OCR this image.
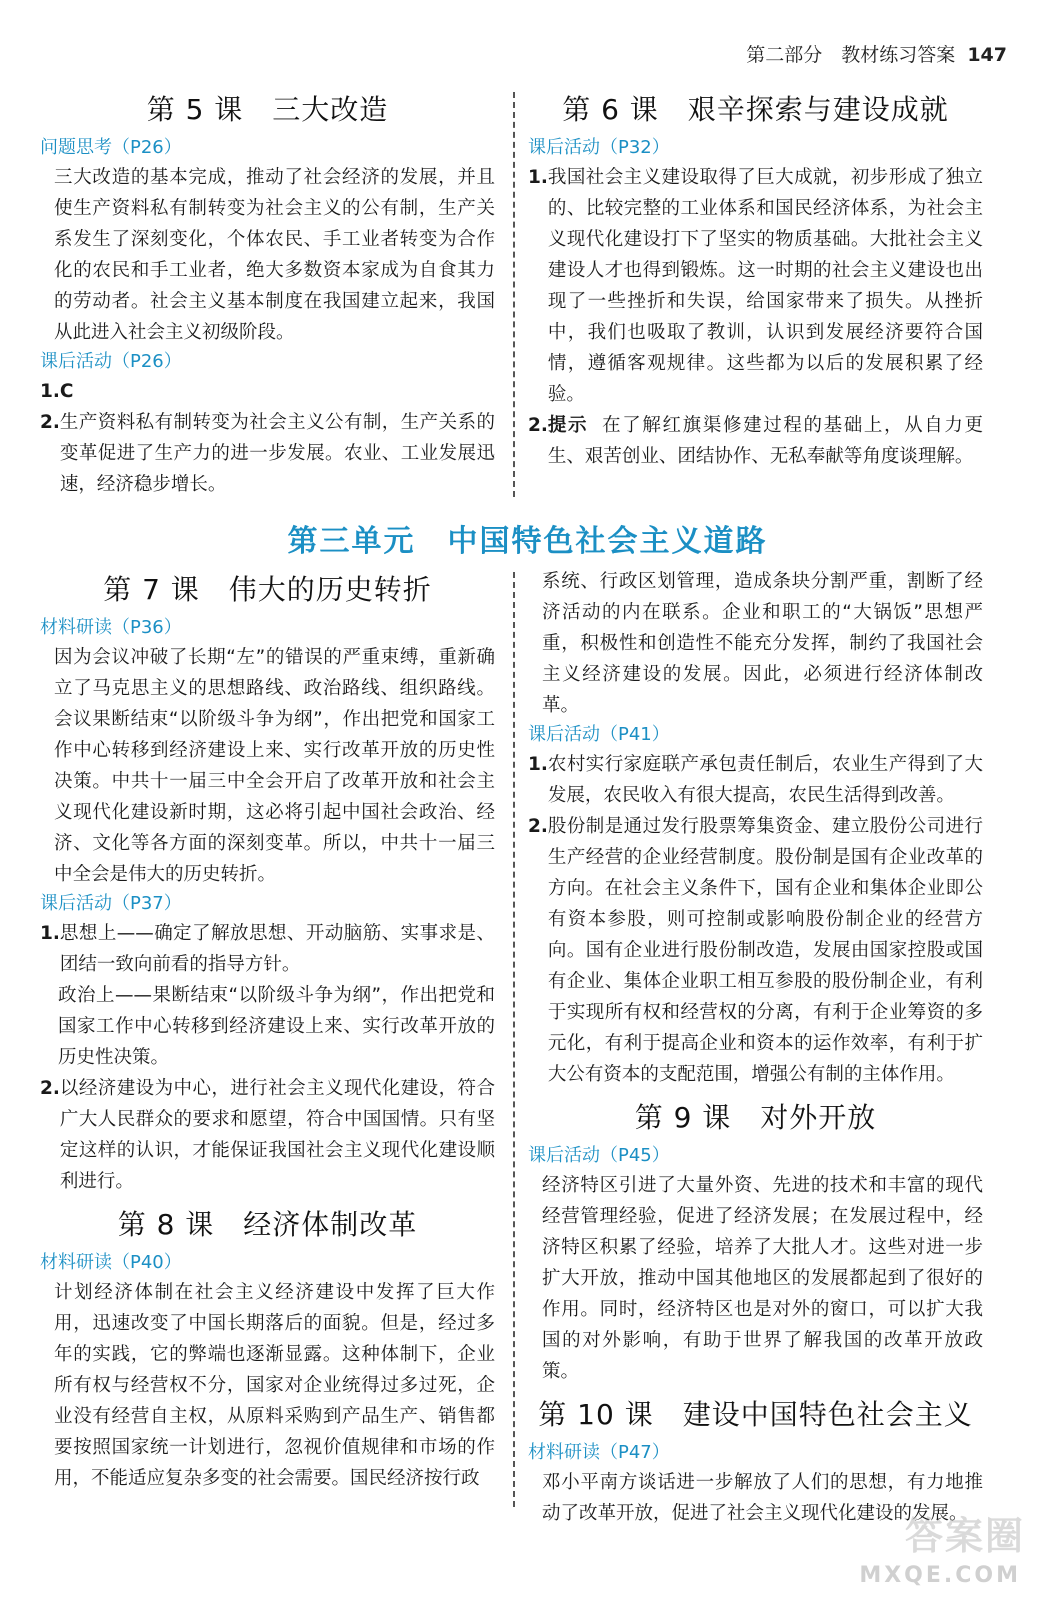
第二部分　教材练习答案 147
第 5 课　三大改造
问题思考（P26）

三大改造的基本完成，推动了社会经济的发展，并且使生产资料私有制转变为社会主义的公有制，生产关系发生了深刻变化，个体农民、手工业者转变为合作化的农民和手工业者，绝大多数资本家成为自食其力的劳动者。社会主义基本制度在我国建立起来，我国从此进入社会主义初级阶段。

课后活动（P26）
1. C
2. 生产资料私有制转变为社会主义公有制，生产关系的变革促进了生产力的进一步发展。农业、工业发展迅速，经济稳步增长。
第 6 课　艰辛探索与建设成就
课后活动（P32）
1. 我国社会主义建设取得了巨大成就，初步形成了独立的、比较完整的工业体系和国民经济体系，为社会主义现代化建设打下了坚实的物质基础。大批社会主义建设人才也得到锻炼。这一时期的社会主义建设也出现了一些挫折和失误，给国家带来了损失。从挫折中，我们也吸取了教训，认识到发展经济要符合国情，遵循客观规律。这些都为以后的发展积累了经验。
2. 提示 在了解红旗渠修建过程的基础上，从自力更生、艰苦创业、团结协作、无私奉献等角度谈理解。
第三单元　中国特色社会主义道路
第 7 课　伟大的历史转折
材料研读（P36）

因为会议冲破了长期“左”的错误的严重束缚，重新确立了马克思主义的思想路线、政治路线、组织路线。会议果断结束“以阶级斗争为纲”，作出把党和国家工作中心转移到经济建设上来、实行改革开放的历史性决策。中共十一届三中全会开启了改革开放和社会主义现代化建设新时期，这必将引起中国社会政治、经济、文化等各方面的深刻变革。所以，中共十一届三中全会是伟大的历史转折。

课后活动（P37）
1. 思想上——确定了解放思想、开动脑筋、实事求是、团结一致向前看的指导方针。
政治上——果断结束“以阶级斗争为纲”，作出把党和国家工作中心转移到经济建设上来、实行改革开放的历史性决策。
2. 以经济建设为中心，进行社会主义现代化建设，符合广大人民群众的要求和愿望，符合中国国情。只有坚定这样的认识，才能保证我国社会主义现代化建设顺利进行。
第 8 课　经济体制改革
材料研读（P40）

计划经济体制在社会主义经济建设中发挥了巨大作用，迅速改变了中国长期落后的面貌。但是，经过多年的实践，它的弊端也逐渐显露。这种体制下，企业所有权与经营权不分，国家对企业统得过多过死，企业没有经营自主权，从原料采购到产品生产、销售都要按照国家统一计划进行，忽视价值规律和市场的作用，不能适应复杂多变的社会需要。国民经济按行政

系统、行政区划管理，造成条块分割严重，割断了经济活动的内在联系。企业和职工的“大锅饭”思想严重，积极性和创造性不能充分发挥，制约了我国社会主义经济建设的发展。因此，必须进行经济体制改革。

课后活动（P41）
1. 农村实行家庭联产承包责任制后，农业生产得到了大发展，农民收入有很大提高，农民生活得到改善。
2. 股份制是通过发行股票筹集资金、建立股份公司进行生产经营的企业经营制度。股份制是国有企业改革的方向。在社会主义条件下，国有企业和集体企业即公有资本参股，则可控制或影响股份制企业的经营方向。国有企业进行股份制改造，发展由国家控股或国有企业、集体企业职工相互参股的股份制企业，有利于实现所有权和经营权的分离，有利于企业筹资的多元化，有利于提高企业和资本的运作效率，有利于扩大公有资本的支配范围，增强公有制的主体作用。
第 9 课　对外开放
课后活动（P45）

经济特区引进了大量外资、先进的技术和丰富的现代经营管理经验，促进了经济发展；在发展过程中，经济特区积累了经验，培养了大批人才。这些对进一步扩大开放，推动中国其他地区的发展都起到了很好的作用。同时，经济特区也是对外的窗口，可以扩大我国的对外影响，有助于世界了解我国的改革开放政策。

第 10 课　建设中国特色社会主义
材料研读（P47）

邓小平南方谈话进一步解放了人们的思想，有力地推动了改革开放，促进了社会主义现代化建设的发展。

答案圈
MXQE.COM
